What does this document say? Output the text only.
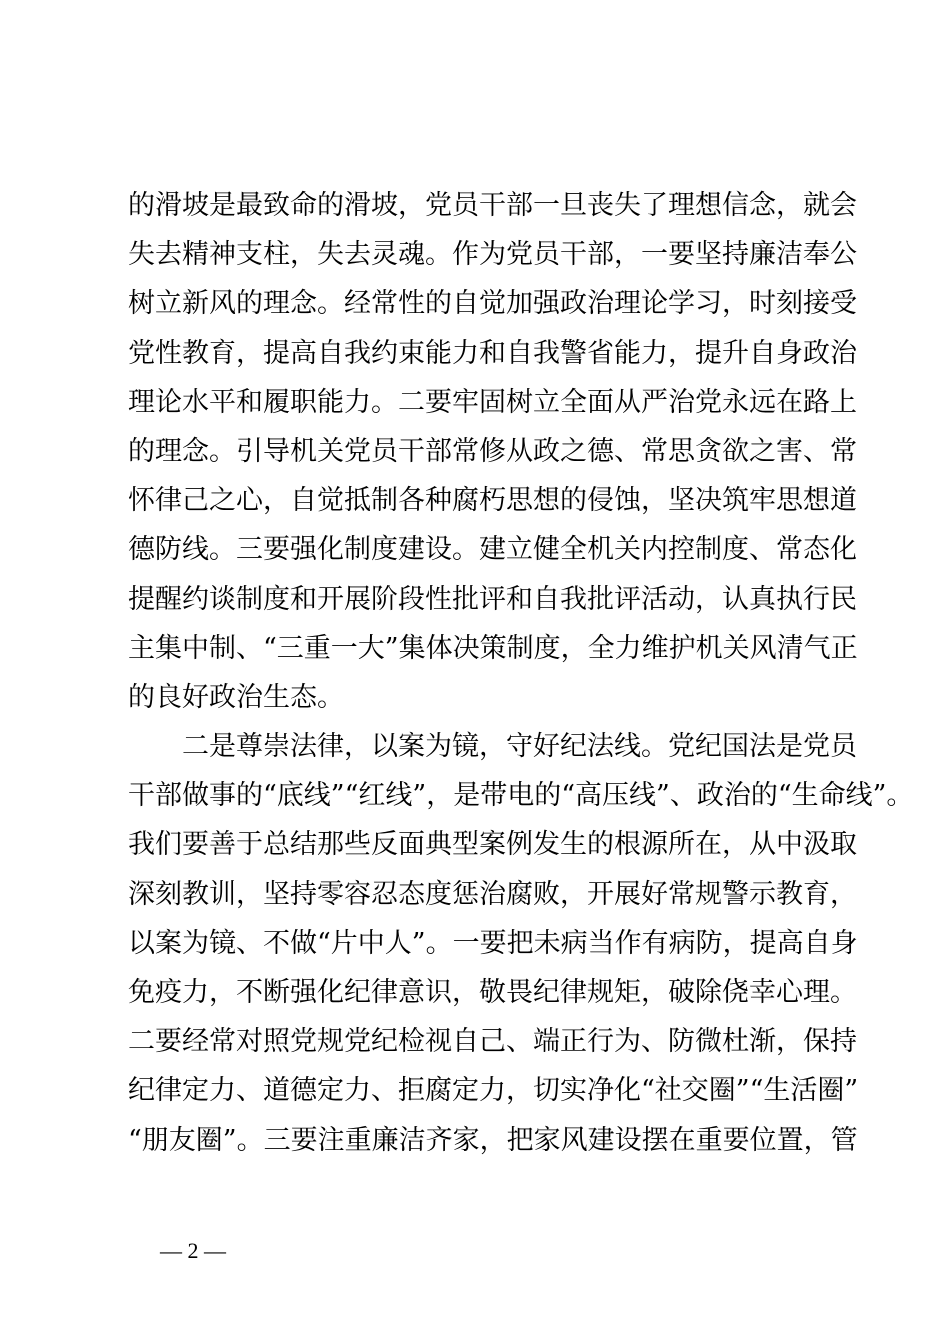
的滑坡是最致命的滑坡，党员干部一旦丧失了理想信念，就会
失去精神支柱，失去灵魂。作为党员干部，一要坚持廉洁奉公
树立新风的理念。经常性的自觉加强政治理论学习，时刻接受
党性教育，提高自我约束能力和自我警省能力，提升自身政治
理论水平和履职能力。二要牢固树立全面从严治党永远在路上
的理念。引导机关党员干部常修从政之德、常思贪欲之害、常
怀律己之心，自觉抵制各种腐朽思想的侵蚀，坚决筑牢思想道
德防线。三要强化制度建设。建立健全机关内控制度、常态化
提醒约谈制度和开展阶段性批评和自我批评活动，认真执行民
主集中制、“三重一大”集体决策制度，全力维护机关风清气正
的良好政治生态。
　　二是尊崇法律，以案为镜，守好纪法线。党纪国法是党员
干部做事的“底线”“红线”，是带电的“高压线”、政治的“生命线”。
我们要善于总结那些反面典型案例发生的根源所在，从中汲取
深刻教训，坚持零容忍态度惩治腐败，开展好常规警示教育，
以案为镜、不做“片中人”。一要把未病当作有病防，提高自身
免疫力，不断强化纪律意识，敬畏纪律规矩，破除侥幸心理。
二要经常对照党规党纪检视自己、端正行为、防微杜渐，保持
纪律定力、道德定力、拒腐定力，切实净化“社交圈”“生活圈”
“朋友圈”。三要注重廉洁齐家，把家风建设摆在重要位置，管
— 2 —
